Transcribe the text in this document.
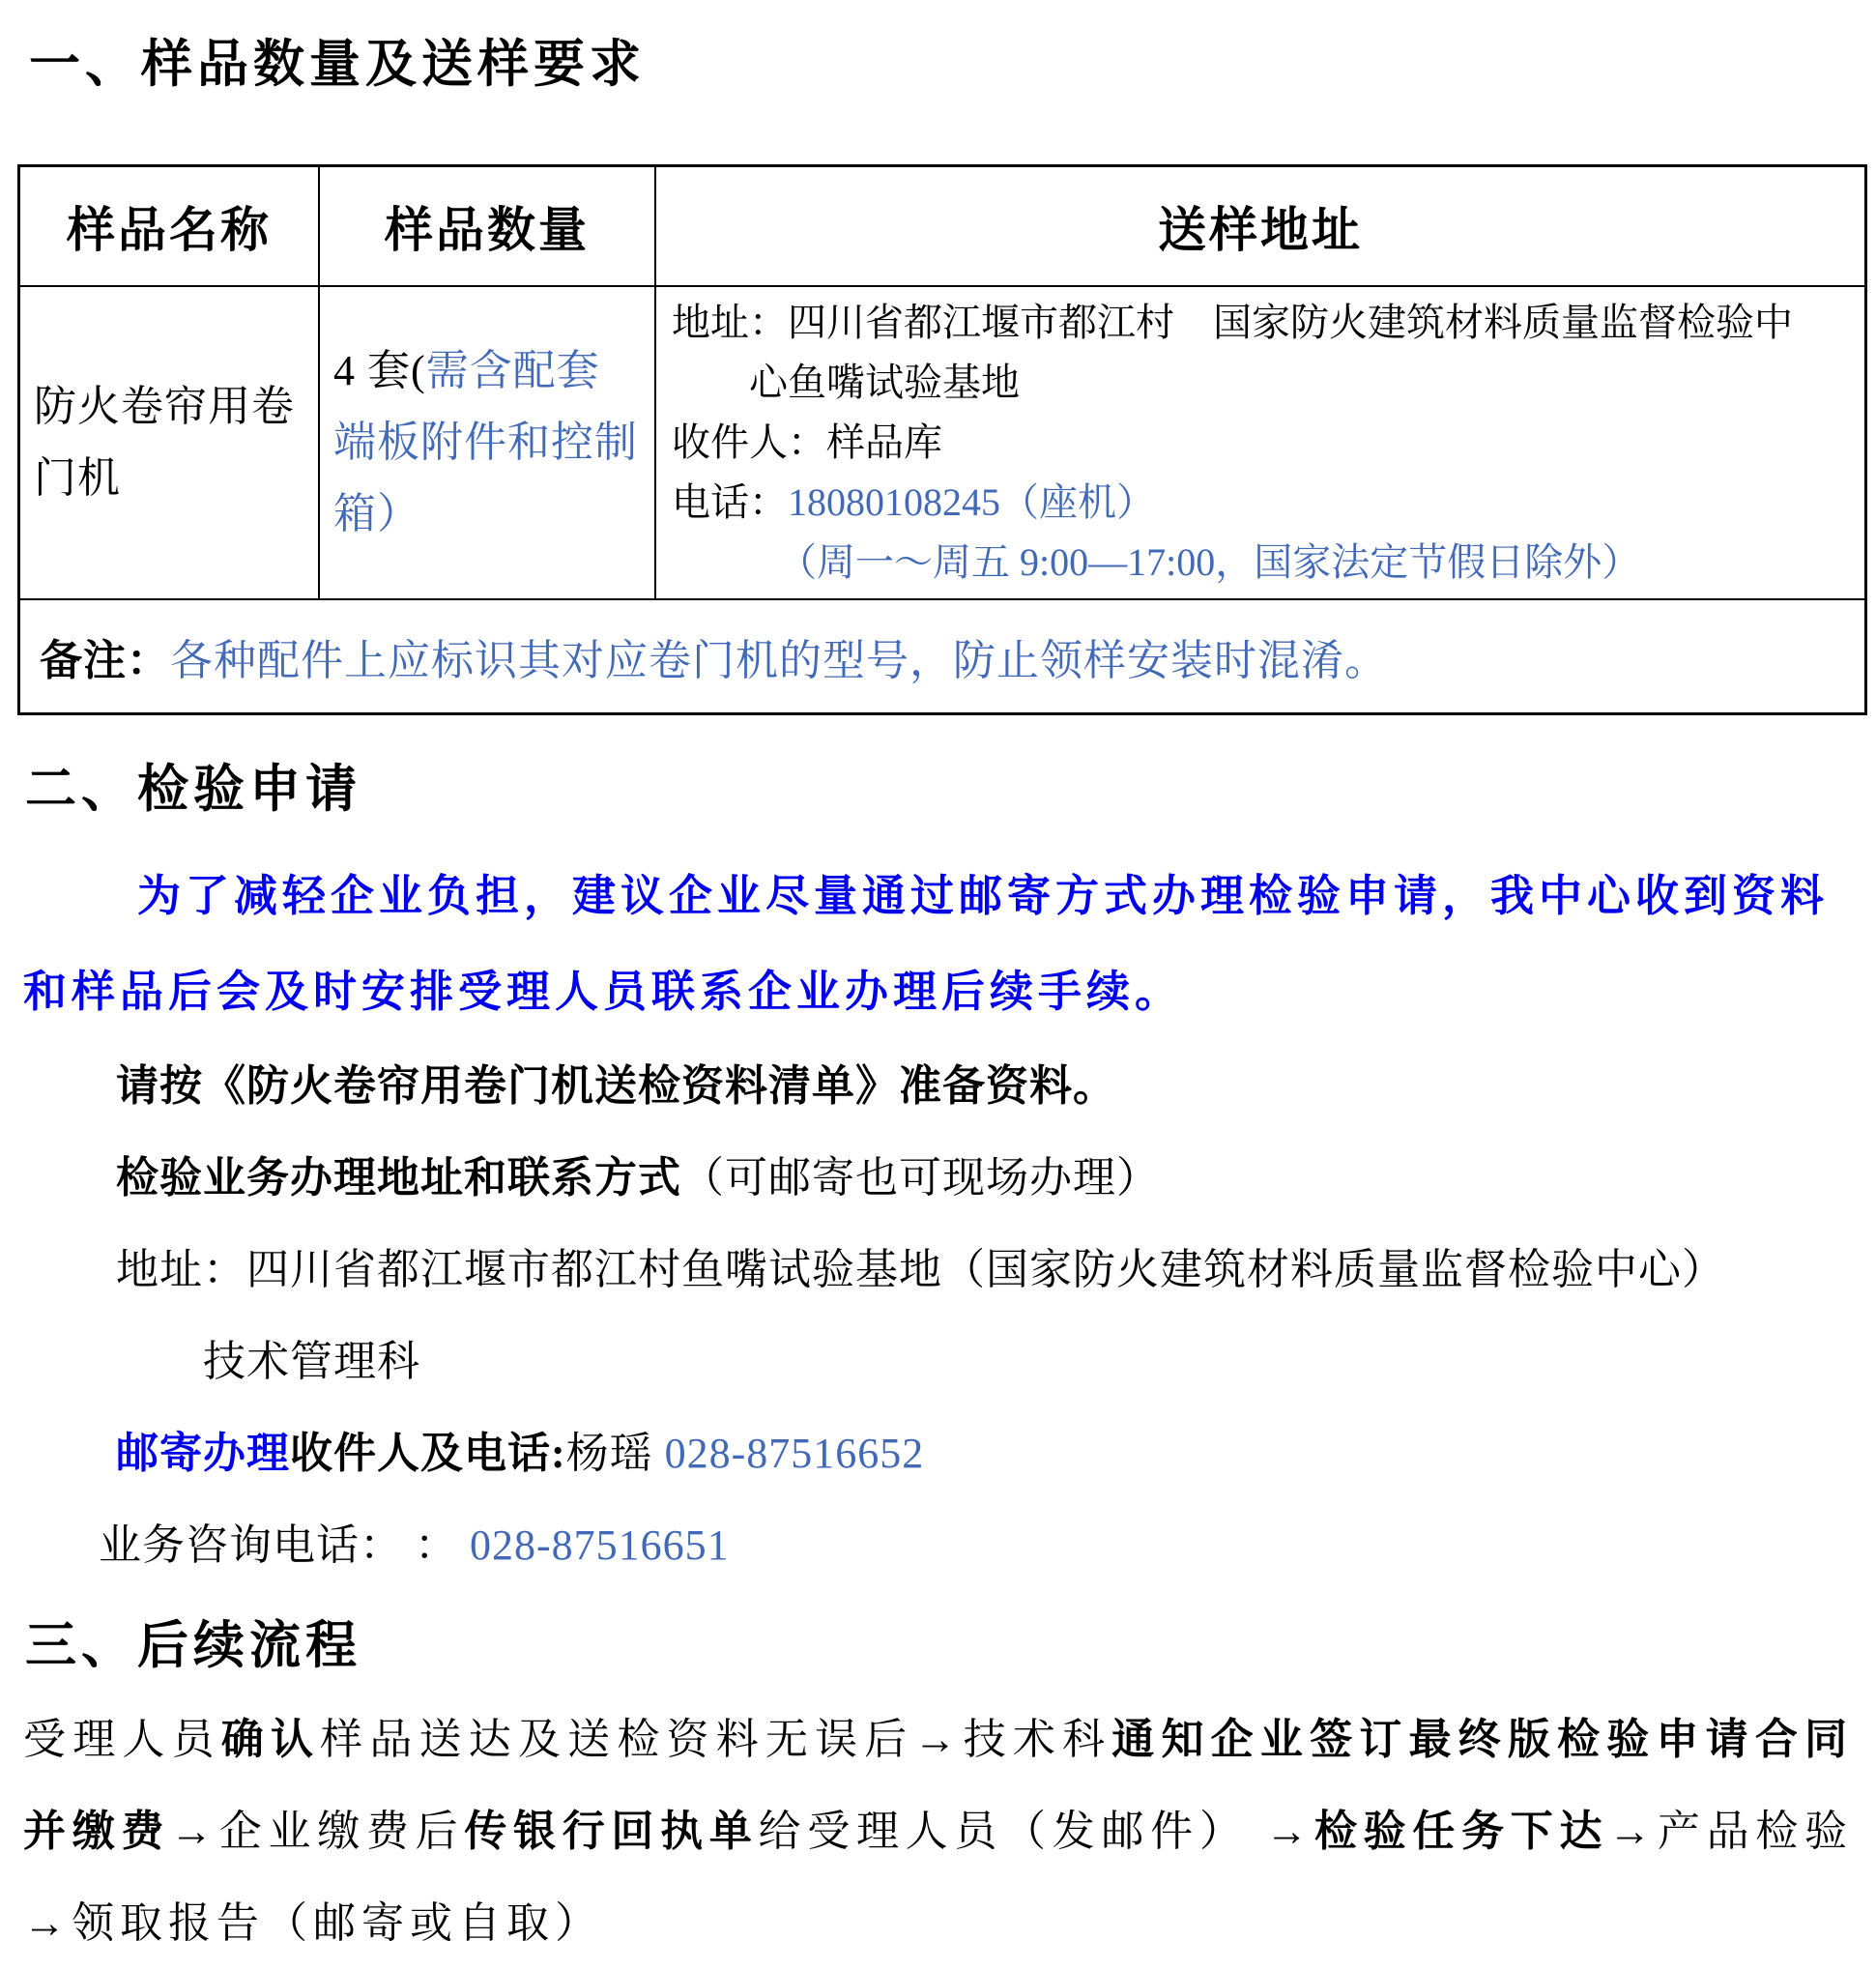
一、样品数量及送样要求
样品名称	样品数量	送样地址
防火卷帘用卷门机	4 套(需含配套端板附件和控制箱）	地址：四川省都江堰市都江村　国家防火建筑材料质量监督检验中
心鱼嘴试验基地
收件人：样品库
电话：18080108245（座机）
（周一～周五 9:00—17:00，国家法定节假日除外）

备注：各种配件上应标识其对应卷门机的型号，防止领样安装时混淆。		
二、检验申请

为了减轻企业负担，建议企业尽量通过邮寄方式办理检验申请，我中心收到资料和样品后会及时安排受理人员联系企业办理后续手续。

请按《防火卷帘用卷门机送检资料清单》准备资料。

检验业务办理地址和联系方式（可邮寄也可现场办理）

地址：四川省都江堰市都江村鱼嘴试验基地（国家防火建筑材料质量监督检验中心）

技术管理科

邮寄办理收件人及电话:杨瑶 028-87516652

业务咨询电话： ： 028-87516651

三、后续流程

受理人员确认样品送达及送检资料无误后→技术科通知企业签订最终版检验申请合同并缴费→企业缴费后传银行回执单给受理人员（发邮件） →检验任务下达→产品检验→领取报告（邮寄或自取）
